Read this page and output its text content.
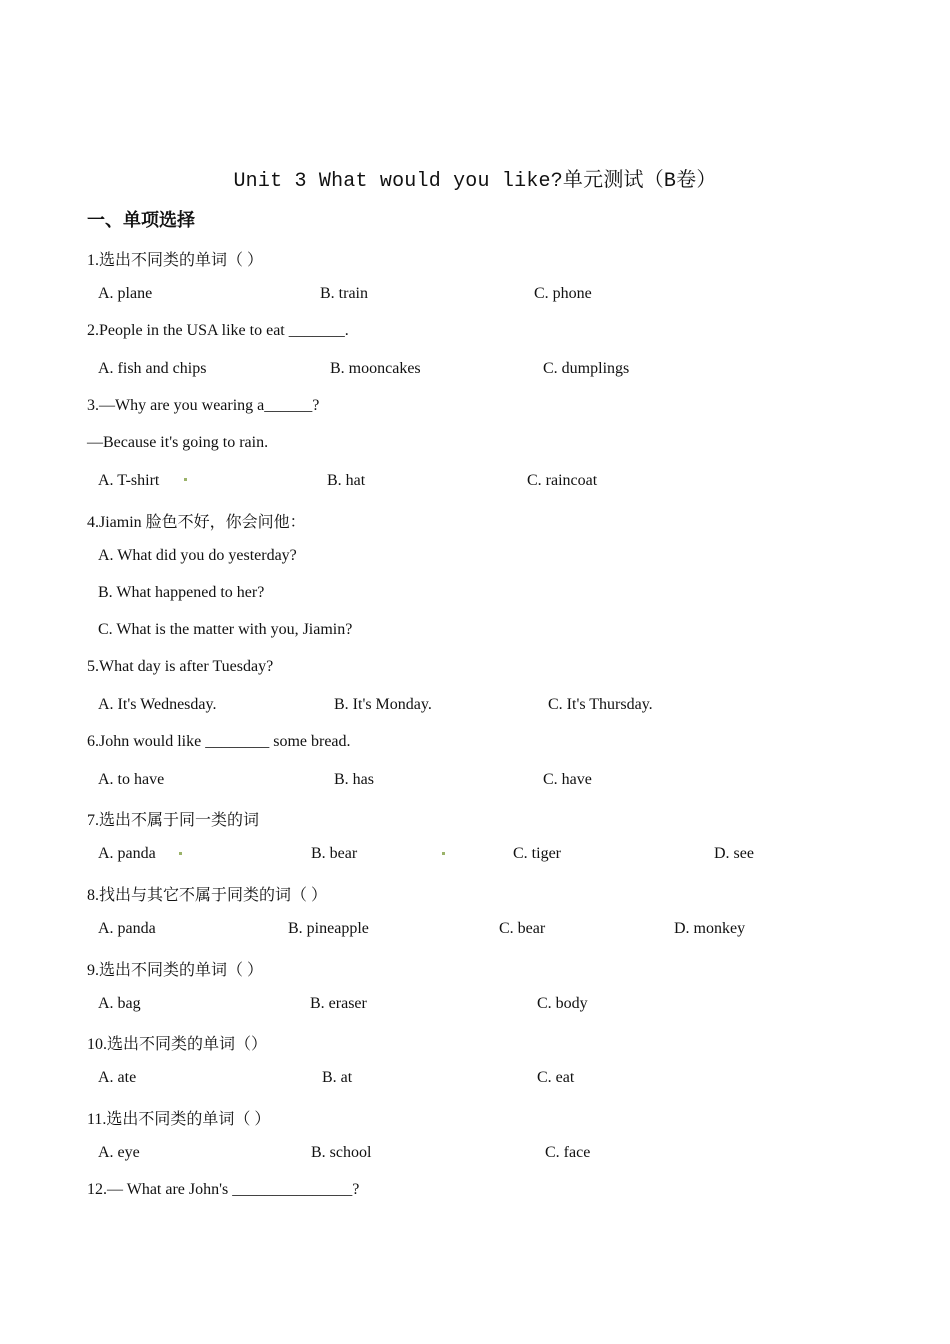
Unit 3 What would you like?单元测试（B卷）
一、单项选择
1.选出不同类的单词（ ）
A. plane	B. train	C. phone
2.People in the USA like to eat _______.
A. fish and chips	B. mooncakes	C. dumplings
3.—Why are you wearing a______?
—Because it's going to rain.
A. T-shirt	B. hat	C. raincoat
4.Jiamin 脸色不好，你会问他：
A. What did you do yesterday?
B. What happened to her?
C. What is the matter with you, Jiamin?
5.What day is after Tuesday?
A. It's Wednesday.	B. It's Monday.	C. It's Thursday.
6.John would like ________ some bread.
A. to have	B. has	C. have
7.选出不属于同一类的词
A. panda	B. bear	C. tiger	D. see
8.找出与其它不属于同类的词（ ）
A. panda	B. pineapple	C. bear	D. monkey
9.选出不同类的单词（ ）
A. bag	B. eraser	C. body
10.选出不同类的单词（）
A. ate	B. at	C. eat
11.选出不同类的单词（ ）
A. eye	B. school	C. face
12.— What are John's _______________?
